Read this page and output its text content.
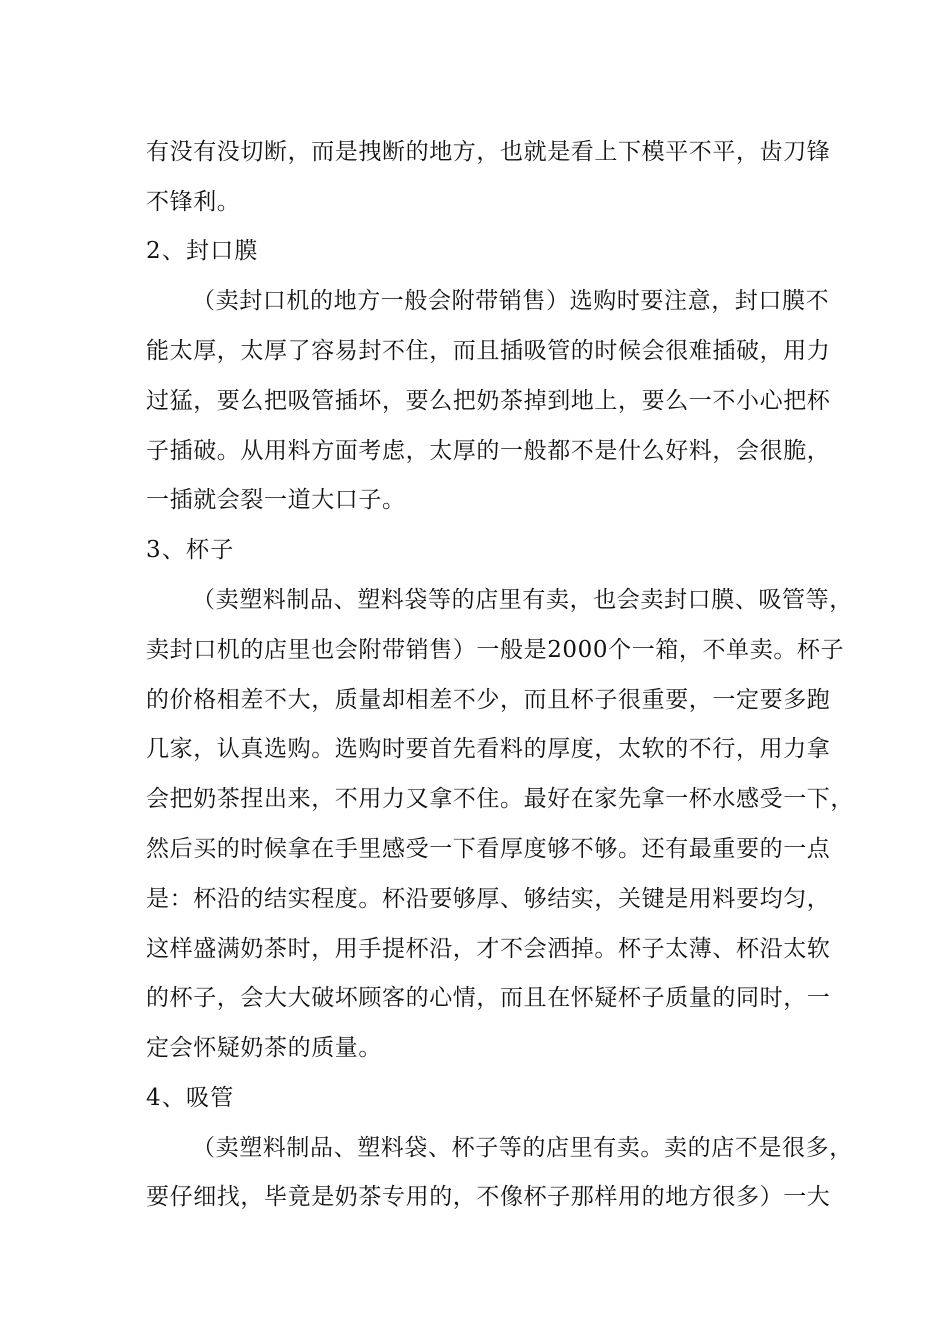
有没有没切断，而是拽断的地方，也就是看上下模平不平，齿刀锋
不锋利。
2、封口膜
（卖封口机的地方一般会附带销售）选购时要注意，封口膜不
能太厚，太厚了容易封不住，而且插吸管的时候会很难插破，用力
过猛，要么把吸管插坏，要么把奶茶掉到地上，要么一不小心把杯
子插破。从用料方面考虑，太厚的一般都不是什么好料，会很脆，
一插就会裂一道大口子。
3、杯子
（卖塑料制品、塑料袋等的店里有卖，也会卖封口膜、吸管等，
卖封口机的店里也会附带销售）一般是2000个一箱，不单卖。杯子
的价格相差不大，质量却相差不少，而且杯子很重要，一定要多跑
几家，认真选购。选购时要首先看料的厚度，太软的不行，用力拿
会把奶茶捏出来，不用力又拿不住。最好在家先拿一杯水感受一下，
然后买的时候拿在手里感受一下看厚度够不够。还有最重要的一点
是：杯沿的结实程度。杯沿要够厚、够结实，关键是用料要均匀，
这样盛满奶茶时，用手提杯沿，才不会洒掉。杯子太薄、杯沿太软
的杯子，会大大破坏顾客的心情，而且在怀疑杯子质量的同时，一
定会怀疑奶茶的质量。
4、吸管
（卖塑料制品、塑料袋、杯子等的店里有卖。卖的店不是很多，
要仔细找，毕竟是奶茶专用的，不像杯子那样用的地方很多）一大
